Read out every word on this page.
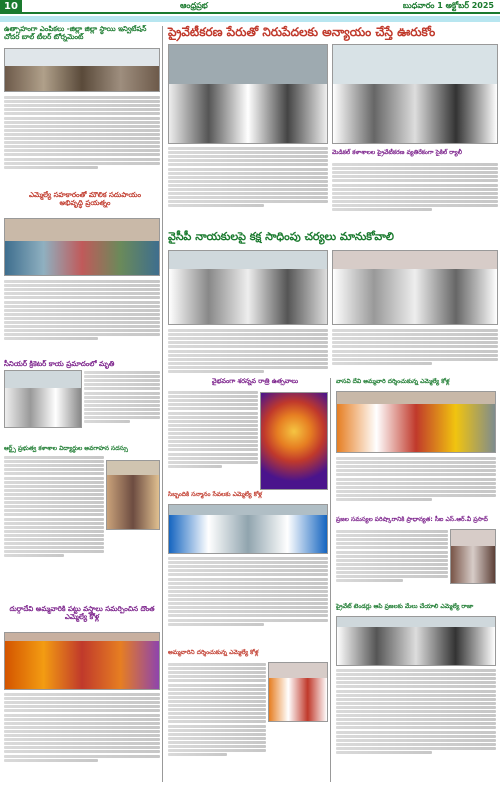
10	ఆంధ్రప్రభ	బుధవారం 1 అక్టోబర్ 2025
ఉత్సాహంగా ఎంపికలు -జిల్లా జిల్లా స్థాయి ఇన్విటేషన్ చోదర బాల్ టీలర్ టోర్నమెంట్
ఎమ్మెల్యే సహకారంతో మౌలిక సదుపాయం అభివృద్ధి ప్రయత్నం
సీనియర్ క్రికెటర్ కాయ ప్రమాదంలో మృతి
ఆర్ట్స్ ప్రభుత్వ కళాశాల విద్యార్థుల అవగాహన సదస్సు
దుర్గాదేవి అమ్మవారికి పట్టు వస్త్రాలు సమర్పించిన దొంత ఎమ్మెల్యే కోళ్ల
ప్రైవేటీకరణ పేరుతో నిరుపేదలకు అన్యాయం చేస్తే ఊరుకోం
మెడికల్ కళాశాలల ప్రైవేటీకరణ వ్యతిరేకంగా సైకిల్ ర్యాలీ
వైసీపీ నాయకులపై కక్ష సాధింపు చర్యలు మానుకోవాలి
వైభవంగా శరన్నవ రాత్రి ఉత్సవాలు	వాసవి దేవి అమ్మవారి దర్శించుకున్న ఎమ్మెల్యే కోళ్ల
సిబ్బందికి సన్మానం సేవలకు ఎమ్మెల్యే కోళ్ల
ప్రజల సమస్యల పరిష్కారానికి ప్రాధాన్యత: సీఐ ఎస్.ఆర్.వీ ప్రసాద్
ప్రైవేట్ టెండర్లు ఆపి ప్రజలకు మేలు చేయాలి ఎమ్మెల్యే రాజా
అమ్మవారిని దర్శించుకున్న ఎమ్మెల్యే కోళ్ల
